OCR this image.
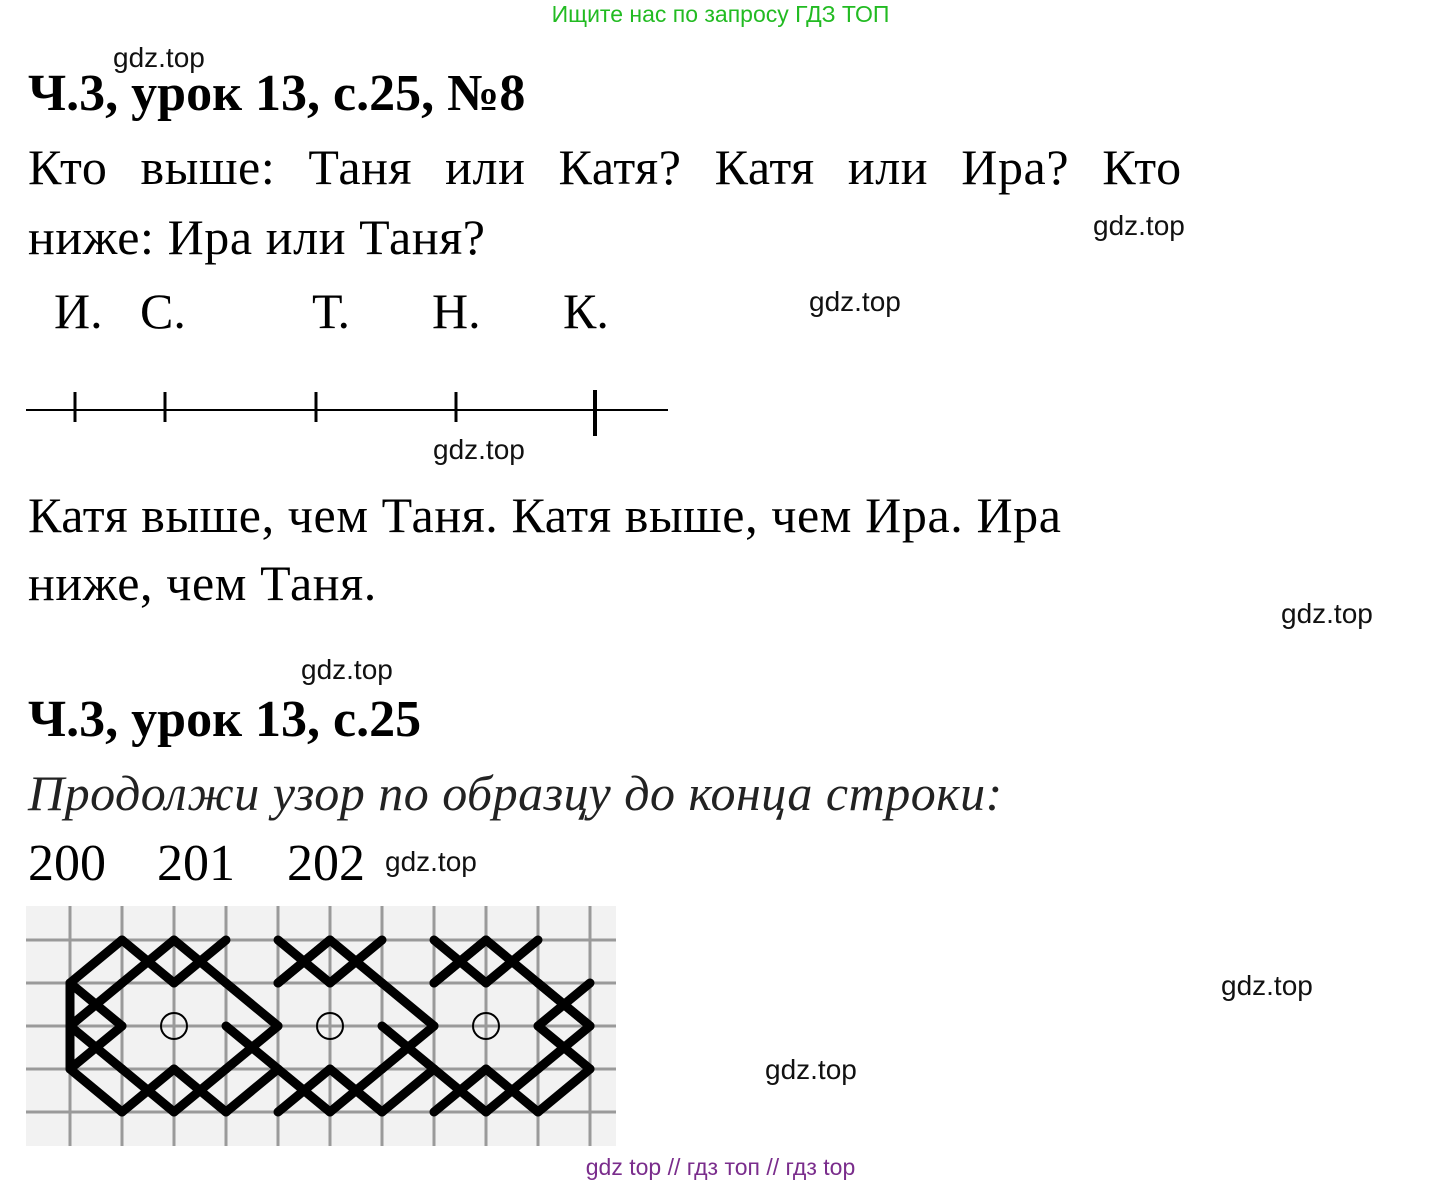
Ищите нас по запросу ГДЗ ТОП
gdz.top
gdz.top
gdz.top
gdz.top
gdz.top
gdz.top
gdz.top
gdz.top
gdz.top
Ч.3, урок 13, с.25, №8
Кто выше: Таня или Катя? Катя или Ира? Кто
ниже: Ира или Таня?
И. С.	Т. Н. К.
Катя выше, чем Таня. Катя выше, чем Ира. Ира
ниже, чем Таня.
Ч.3, урок 13, с.25
Продолжи узор по образцу до конца строки:
200 201 202
gdz top // гдз топ // гдз top
